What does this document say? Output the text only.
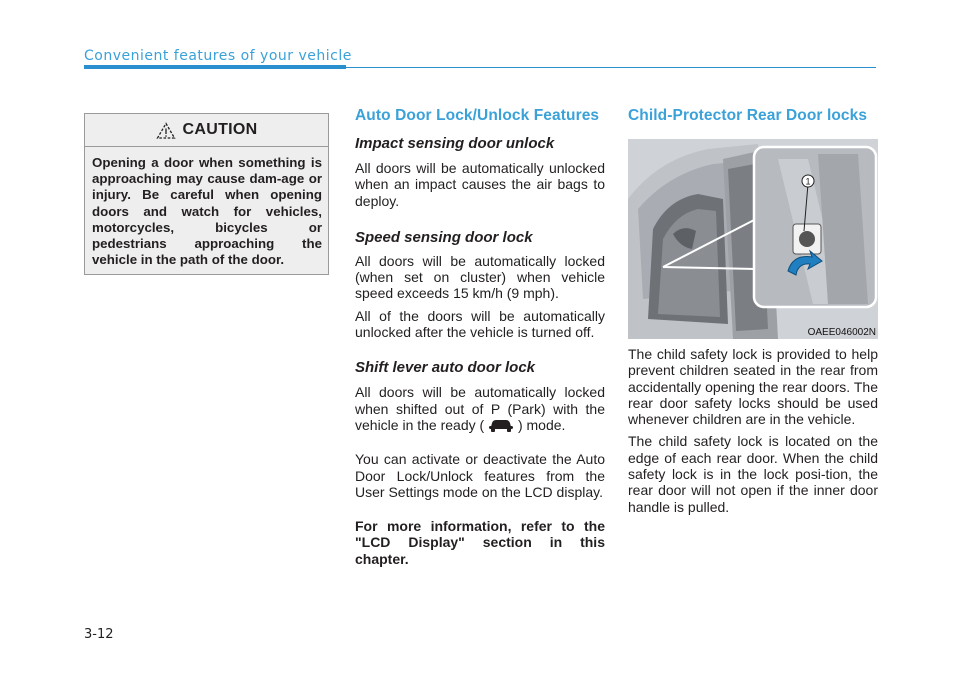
Convenient features of your vehicle
CAUTION
Opening a door when something is approaching may cause dam-age or injury. Be careful when opening doors and watch for vehicles, motorcycles, bicycles or pedestrians approaching the vehicle in the path of the door.
Auto Door Lock/Unlock Features
Impact sensing door unlock

All doors will be automatically unlocked when an impact causes the air bags to deploy.

Speed sensing door lock

All doors will be automatically locked (when set on cluster) when vehicle speed exceeds 15 km/h (9 mph).

All of the doors will be automatically unlocked after the vehicle is turned off.

Shift lever auto door lock

All doors will be automatically locked when shifted out of P (Park) with the vehicle in the ready ( ) mode.

You can activate or deactivate the Auto Door Lock/Unlock features from the User Settings mode on the LCD display.

For more information, refer to the "LCD Display" section in this chapter.

Child-Protector Rear Door locks
1
OAEE046002N

The child safety lock is provided to help prevent children seated in the rear from accidentally opening the rear doors. The rear door safety locks should be used whenever children are in the vehicle.

The child safety lock is located on the edge of each rear door. When the child safety lock is in the lock posi-tion, the rear door will not open if the inner door handle is pulled.

3-12
